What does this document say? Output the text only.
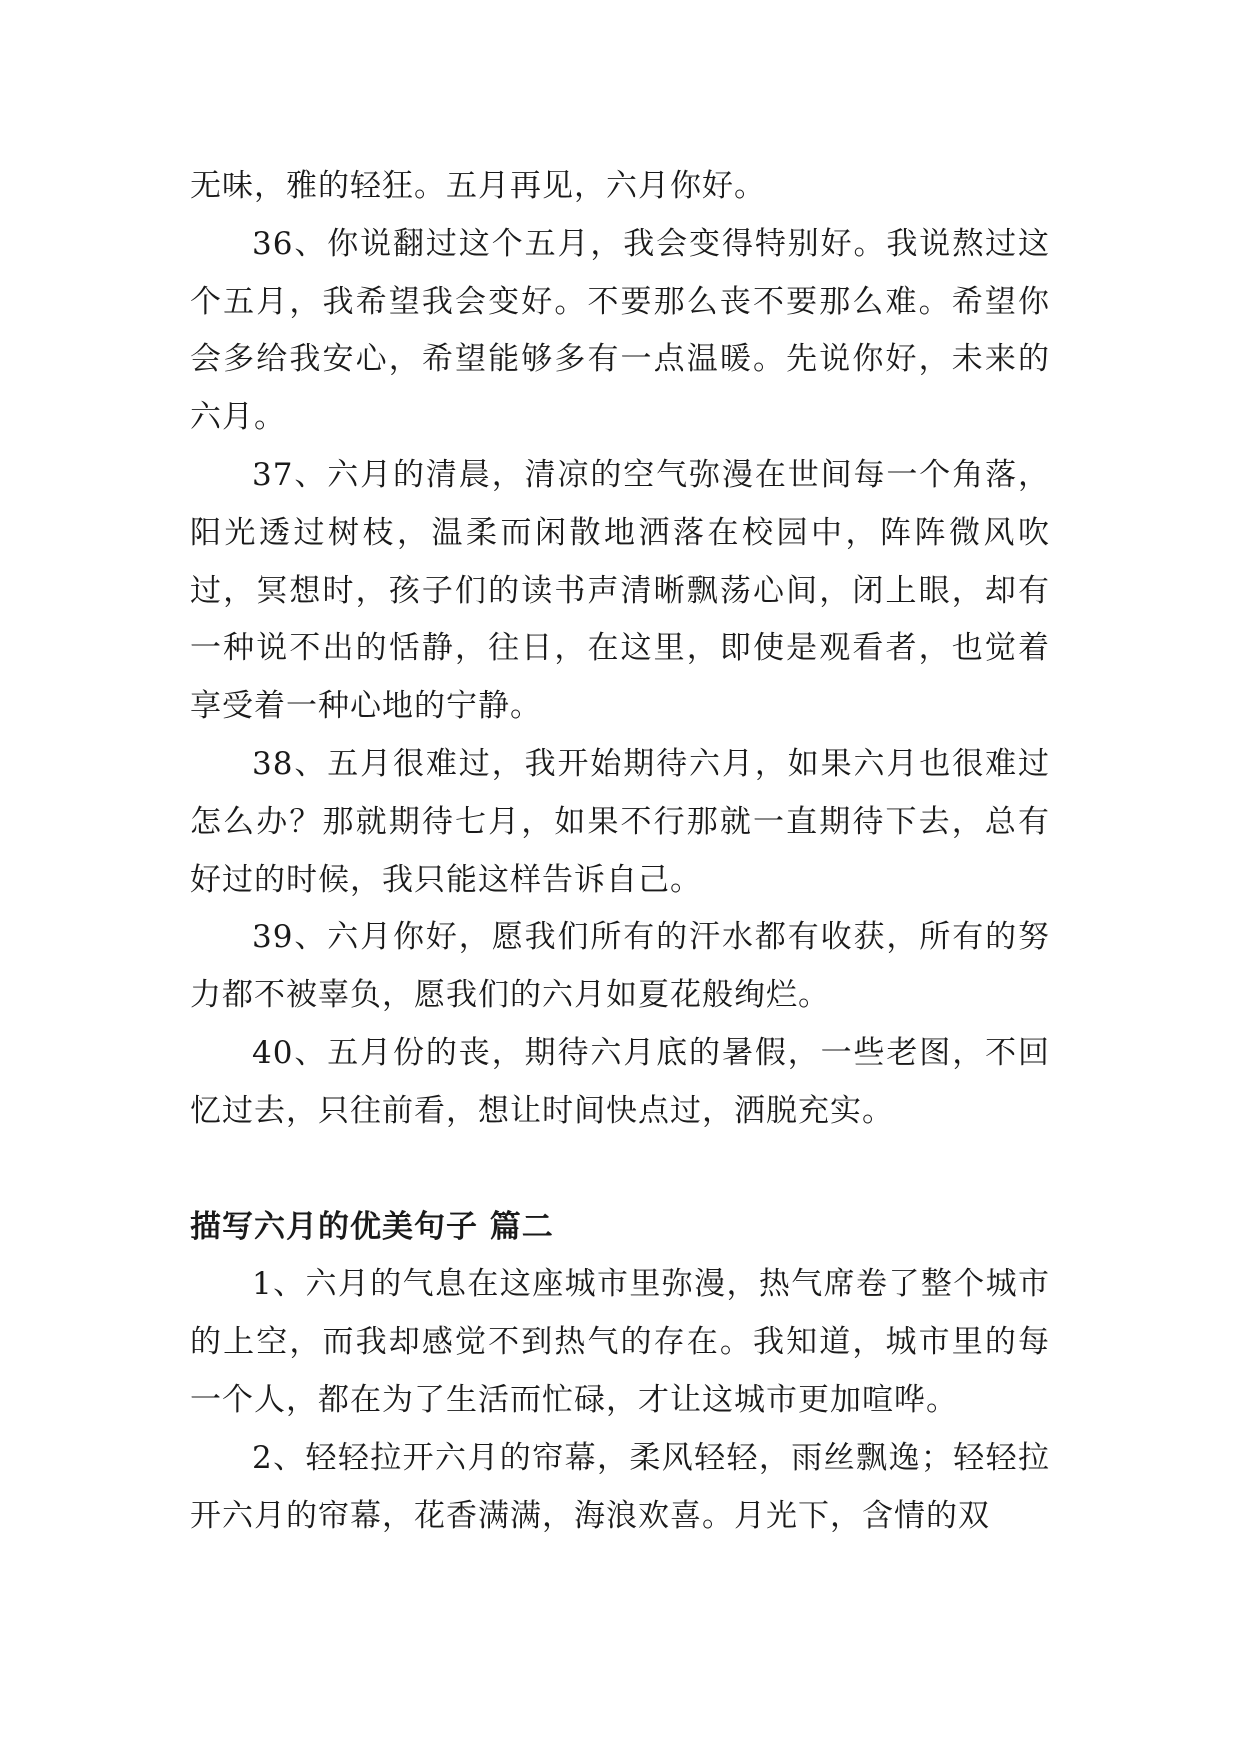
无味，雅的轻狂。五月再见，六月你好。

36、你说翻过这个五月，我会变得特别好。我说熬过这个五月，我希望我会变好。不要那么丧不要那么难。希望你会多给我安心，希望能够多有一点温暖。先说你好，未来的六月。

37、六月的清晨，清凉的空气弥漫在世间每一个角落，阳光透过树枝，温柔而闲散地洒落在校园中，阵阵微风吹过，冥想时，孩子们的读书声清晰飘荡心间，闭上眼，却有一种说不出的恬静，往日，在这里，即使是观看者，也觉着享受着一种心地的宁静。

38、五月很难过，我开始期待六月，如果六月也很难过怎么办？那就期待七月，如果不行那就一直期待下去，总有好过的时候，我只能这样告诉自己。

39、六月你好，愿我们所有的汗水都有收获，所有的努力都不被辜负，愿我们的六月如夏花般绚烂。

40、五月份的丧，期待六月底的暑假，一些老图，不回忆过去，只往前看，想让时间快点过，洒脱充实。

描写六月的优美句子 篇二

1、六月的气息在这座城市里弥漫，热气席卷了整个城市的上空，而我却感觉不到热气的存在。我知道，城市里的每一个人，都在为了生活而忙碌，才让这城市更加喧哗。

2、轻轻拉开六月的帘幕，柔风轻轻，雨丝飘逸；轻轻拉开六月的帘幕，花香满满，海浪欢喜。月光下，含情的双
